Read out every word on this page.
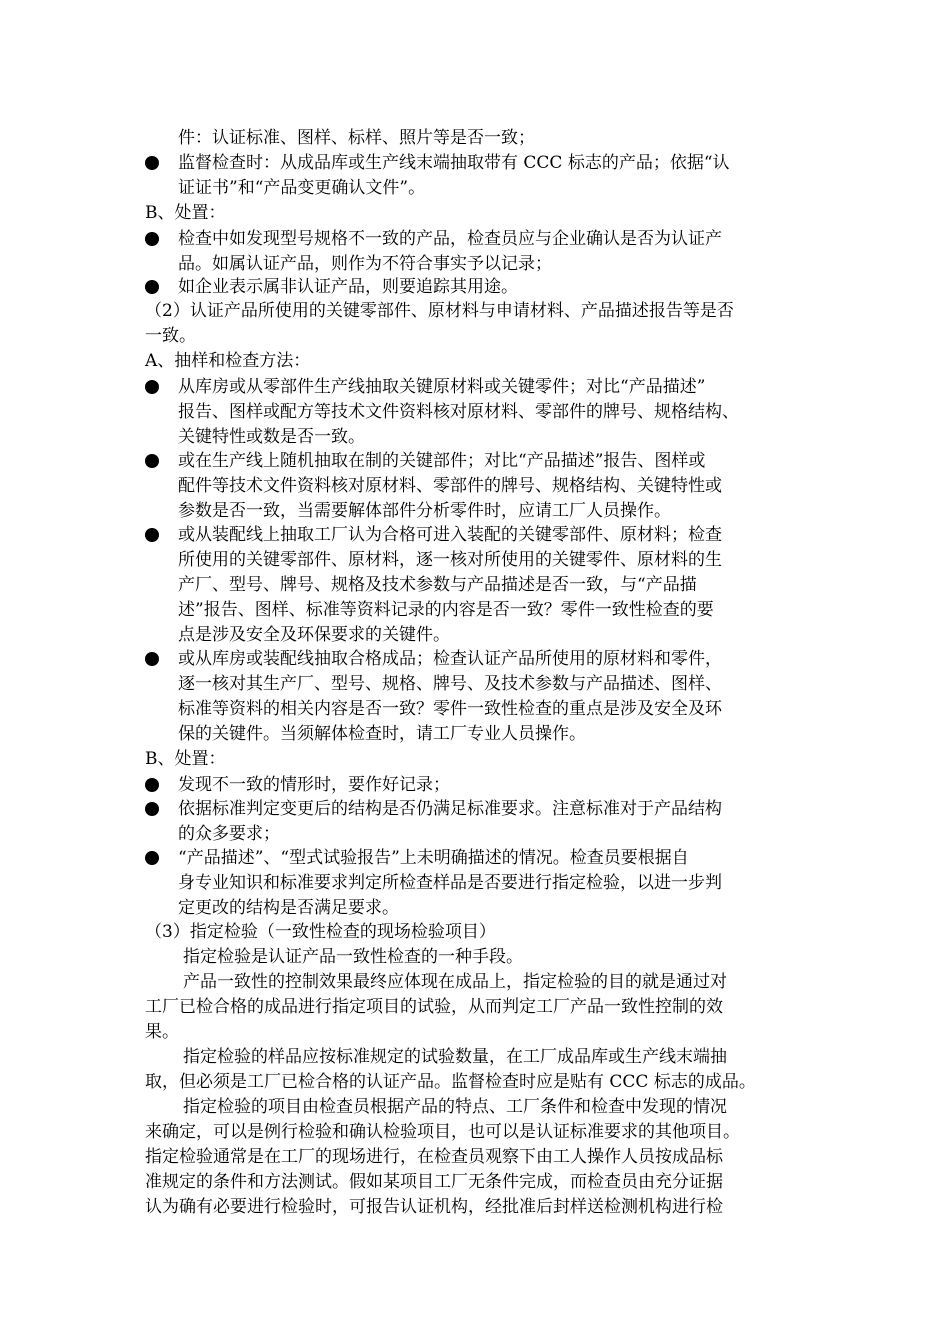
件：认证标准、图样、标样、照片等是否一致；
监督检查时：从成品库或生产线末端抽取带有 CCC 标志的产品；依据“认
证证书”和“产品变更确认文件”。
B、处置：
检查中如发现型号规格不一致的产品，检查员应与企业确认是否为认证产
品。如属认证产品，则作为不符合事实予以记录；
如企业表示属非认证产品，则要追踪其用途。
（2）认证产品所使用的关键零部件、原材料与申请材料、产品描述报告等是否
一致。
A、抽样和检查方法：
从库房或从零部件生产线抽取关键原材料或关键零件；对比“产品描述”
报告、图样或配方等技术文件资料核对原材料、零部件的牌号、规格结构、
关键特性或数是否一致。
或在生产线上随机抽取在制的关键部件；对比“产品描述”报告、图样或
配件等技术文件资料核对原材料、零部件的牌号、规格结构、关键特性或
参数是否一致，当需要解体部件分析零件时，应请工厂人员操作。
或从装配线上抽取工厂认为合格可进入装配的关键零部件、原材料；检查
所使用的关键零部件、原材料，逐一核对所使用的关键零件、原材料的生
产厂、型号、牌号、规格及技术参数与产品描述是否一致，与“产品描
述”报告、图样、标准等资料记录的内容是否一致？零件一致性检查的要
点是涉及安全及环保要求的关键件。
或从库房或装配线抽取合格成品；检查认证产品所使用的原材料和零件，
逐一核对其生产厂、型号、规格、牌号、及技术参数与产品描述、图样、
标准等资料的相关内容是否一致？零件一致性检查的重点是涉及安全及环
保的关键件。当须解体检查时，请工厂专业人员操作。
B、处置：
发现不一致的情形时，要作好记录；
依据标准判定变更后的结构是否仍满足标准要求。注意标准对于产品结构
的众多要求；
“产品描述”、“型式试验报告”上未明确描述的情况。检查员要根据自
身专业知识和标准要求判定所检查样品是否要进行指定检验，以进一步判
定更改的结构是否满足要求。
（3）指定检验（一致性检查的现场检验项目）
指定检验是认证产品一致性检查的一种手段。
产品一致性的控制效果最终应体现在成品上，指定检验的目的就是通过对
工厂已检合格的成品进行指定项目的试验，从而判定工厂产品一致性控制的效
果。
指定检验的样品应按标准规定的试验数量，在工厂成品库或生产线末端抽
取，但必须是工厂已检合格的认证产品。监督检查时应是贴有 CCC 标志的成品。
指定检验的项目由检查员根据产品的特点、工厂条件和检查中发现的情况
来确定，可以是例行检验和确认检验项目，也可以是认证标准要求的其他项目。
指定检验通常是在工厂的现场进行，在检查员观察下由工人操作人员按成品标
准规定的条件和方法测试。假如某项目工厂无条件完成，而检查员由充分证据
认为确有必要进行检验时，可报告认证机构，经批准后封样送检测机构进行检
